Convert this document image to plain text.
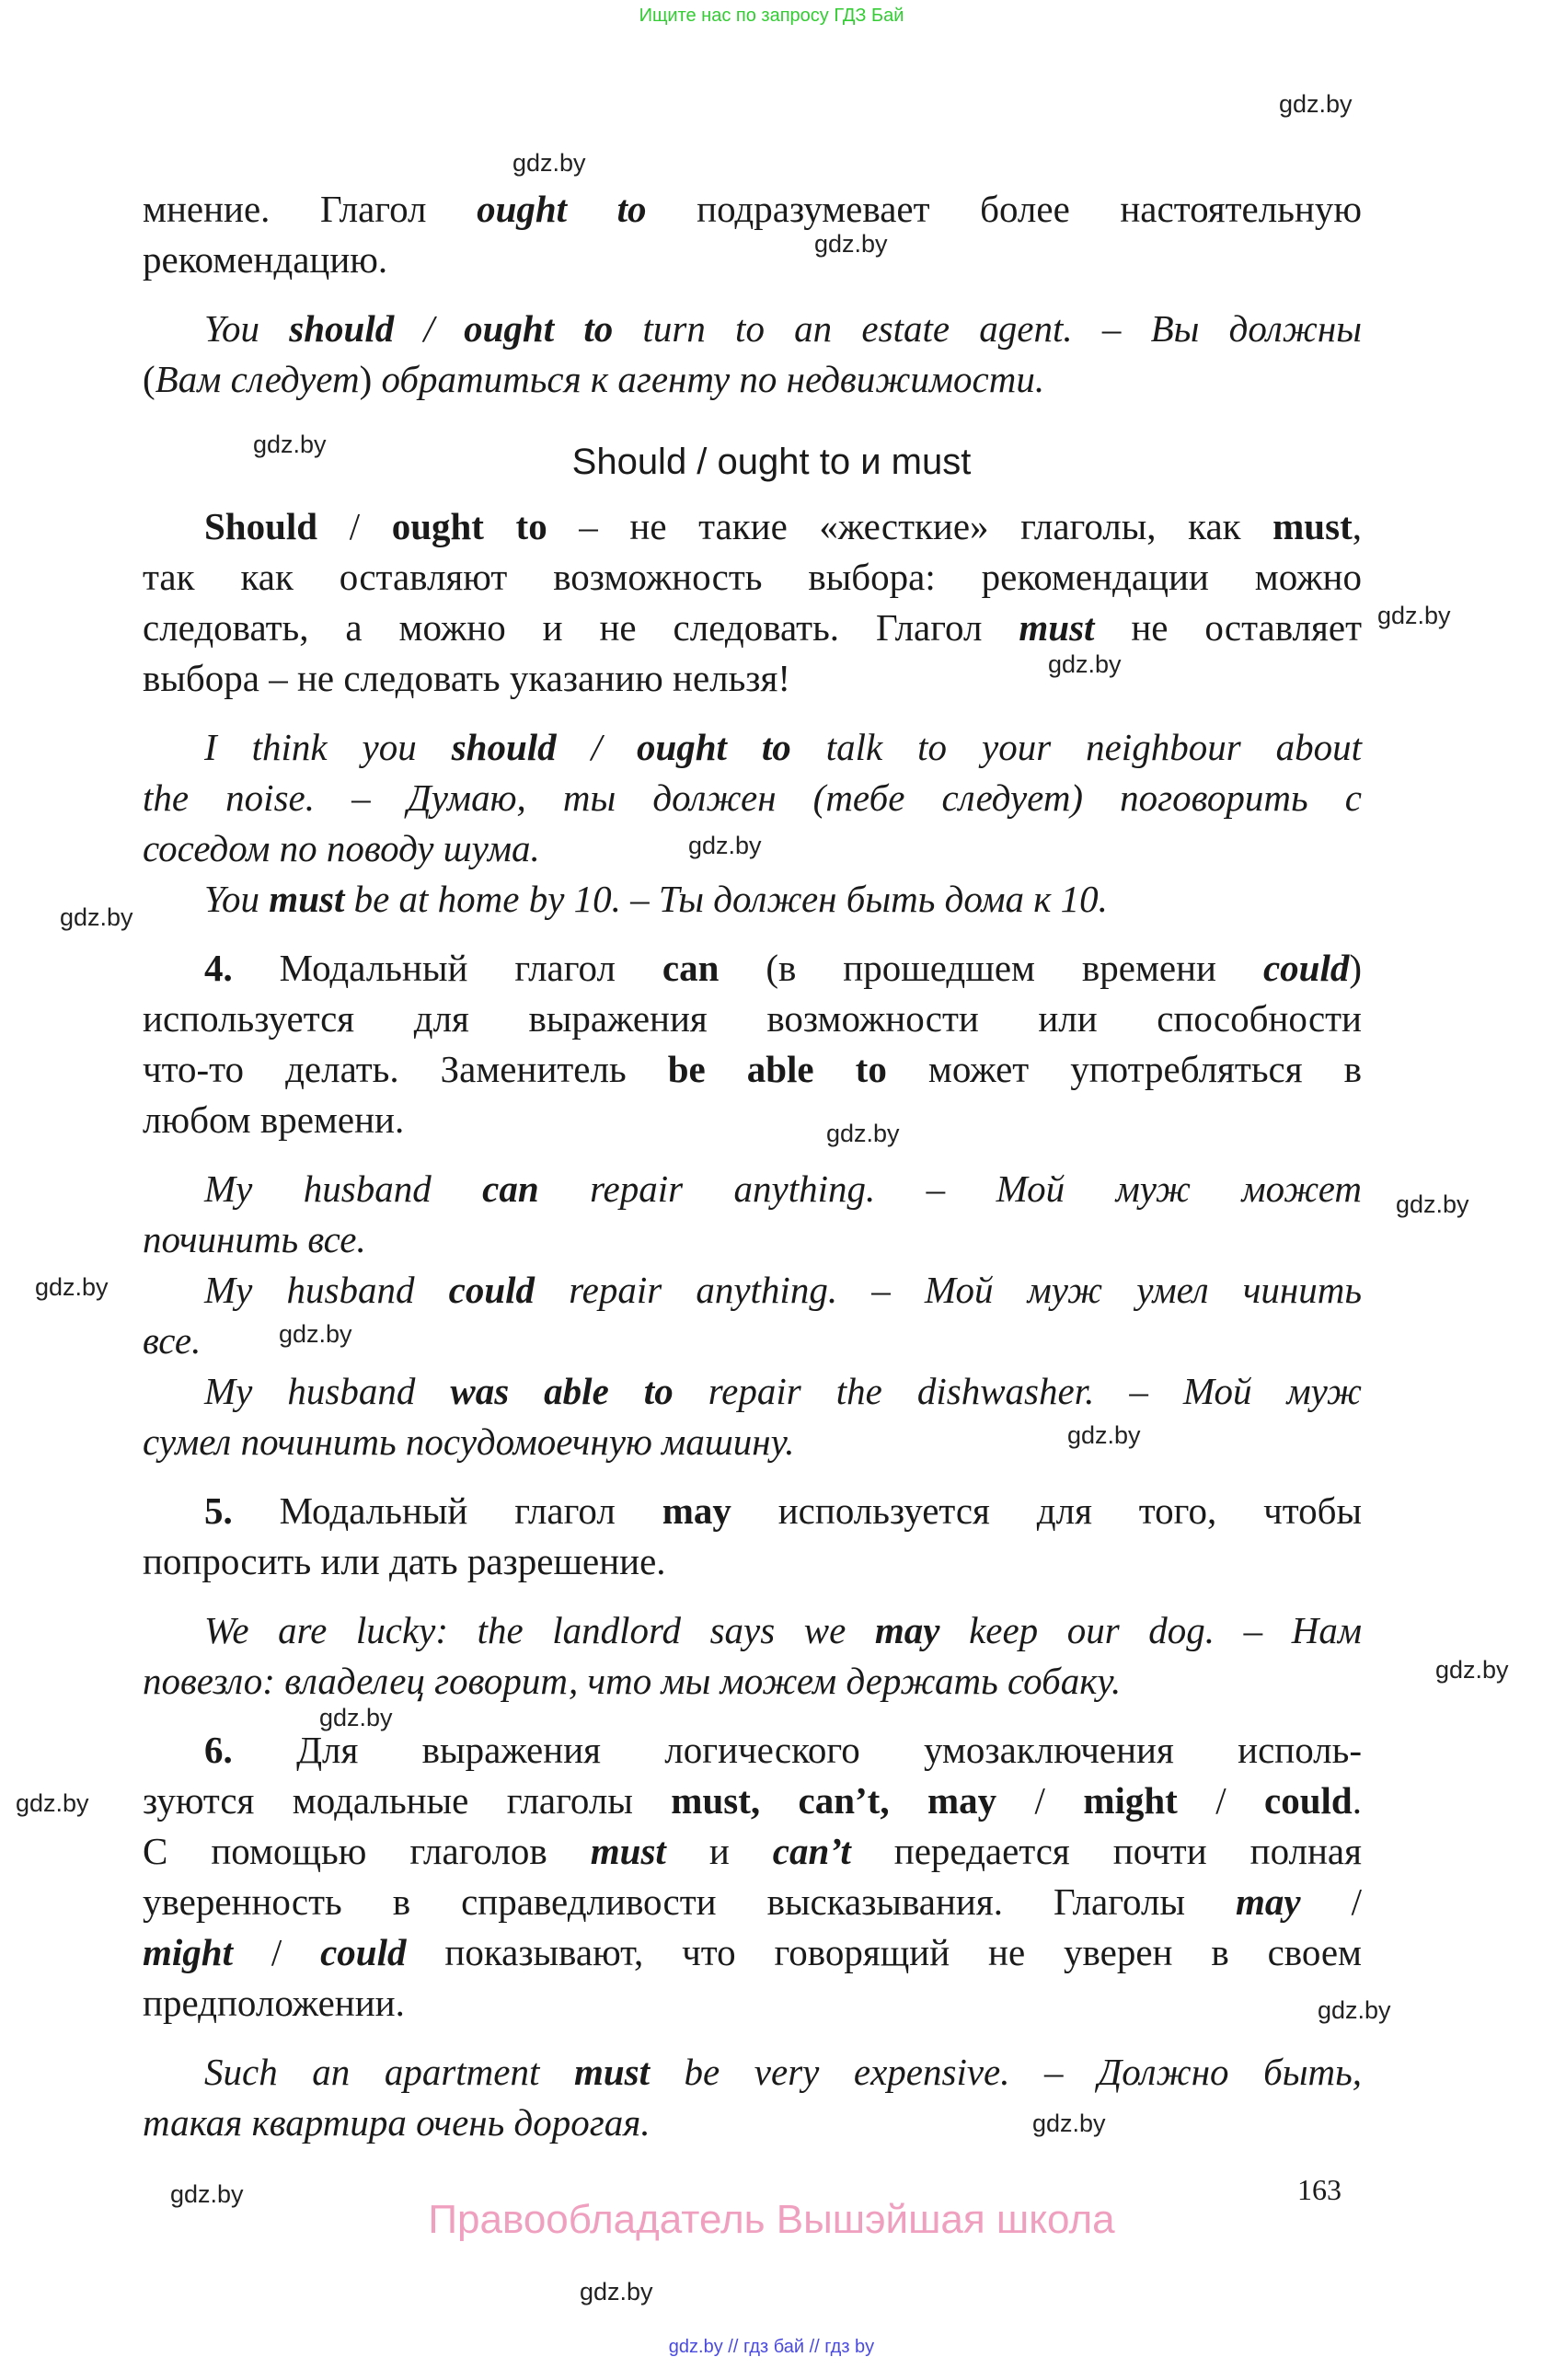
Ищите нас по запросу ГДЗ Бай
gdz.by
gdz.by
gdz.by
gdz.by
gdz.by
gdz.by
gdz.by
gdz.by
gdz.by
gdz.by
gdz.by
gdz.by
gdz.by
gdz.by
gdz.by
gdz.by
gdz.by
gdz.by
gdz.by
gdz.by
Should / ought to и must
мнение. Глагол ought to подразумевает более настоятельную
рекомендацию.
You should / ought to turn to an estate agent. – Вы должны
(Вам следует) обратиться к агенту по недвижимости.
Should / ought to – не такие «жесткие» глаголы, как must,
так как оставляют возможность выбора: рекомендации можно
следовать, а можно и не следовать. Глагол must не оставляет
выбора – не следовать указанию нельзя!
I think you should / ought to talk to your neighbour about
the noise. – Думаю, ты должен (тебе следует) поговорить с
соседом по поводу шума.
You must be at home by 10. – Ты должен быть дома к 10.
4. Модальный глагол can (в прошедшем времени could)
используется для выражения возможности или способности
что-то делать. Заменитель be able to может употребляться в
любом времени.
My husband can repair anything. – Мой муж может
починить все.
My husband could repair anything. – Мой муж умел чинить
все.
My husband was able to repair the dishwasher. – Мой муж
сумел починить посудомоечную машину.
5. Модальный глагол may используется для того, чтобы
попросить или дать разрешение.
We are lucky: the landlord says we may keep our dog. – Нам
повезло: владелец говорит, что мы можем держать собаку.
6. Для выражения логического умозаключения исполь-
зуются модальные глаголы must, can’t, may / might / could.
С помощью глаголов must и can’t передается почти полная
уверенность в справедливости высказывания. Глаголы may /
might / could показывают, что говорящий не уверен в своем
предположении.
Such an apartment must be very expensive. – Должно быть,
такая квартира очень дорогая.
163
Правообладатель Вышэйшая школа
gdz.by // гдз бай // гдз by
